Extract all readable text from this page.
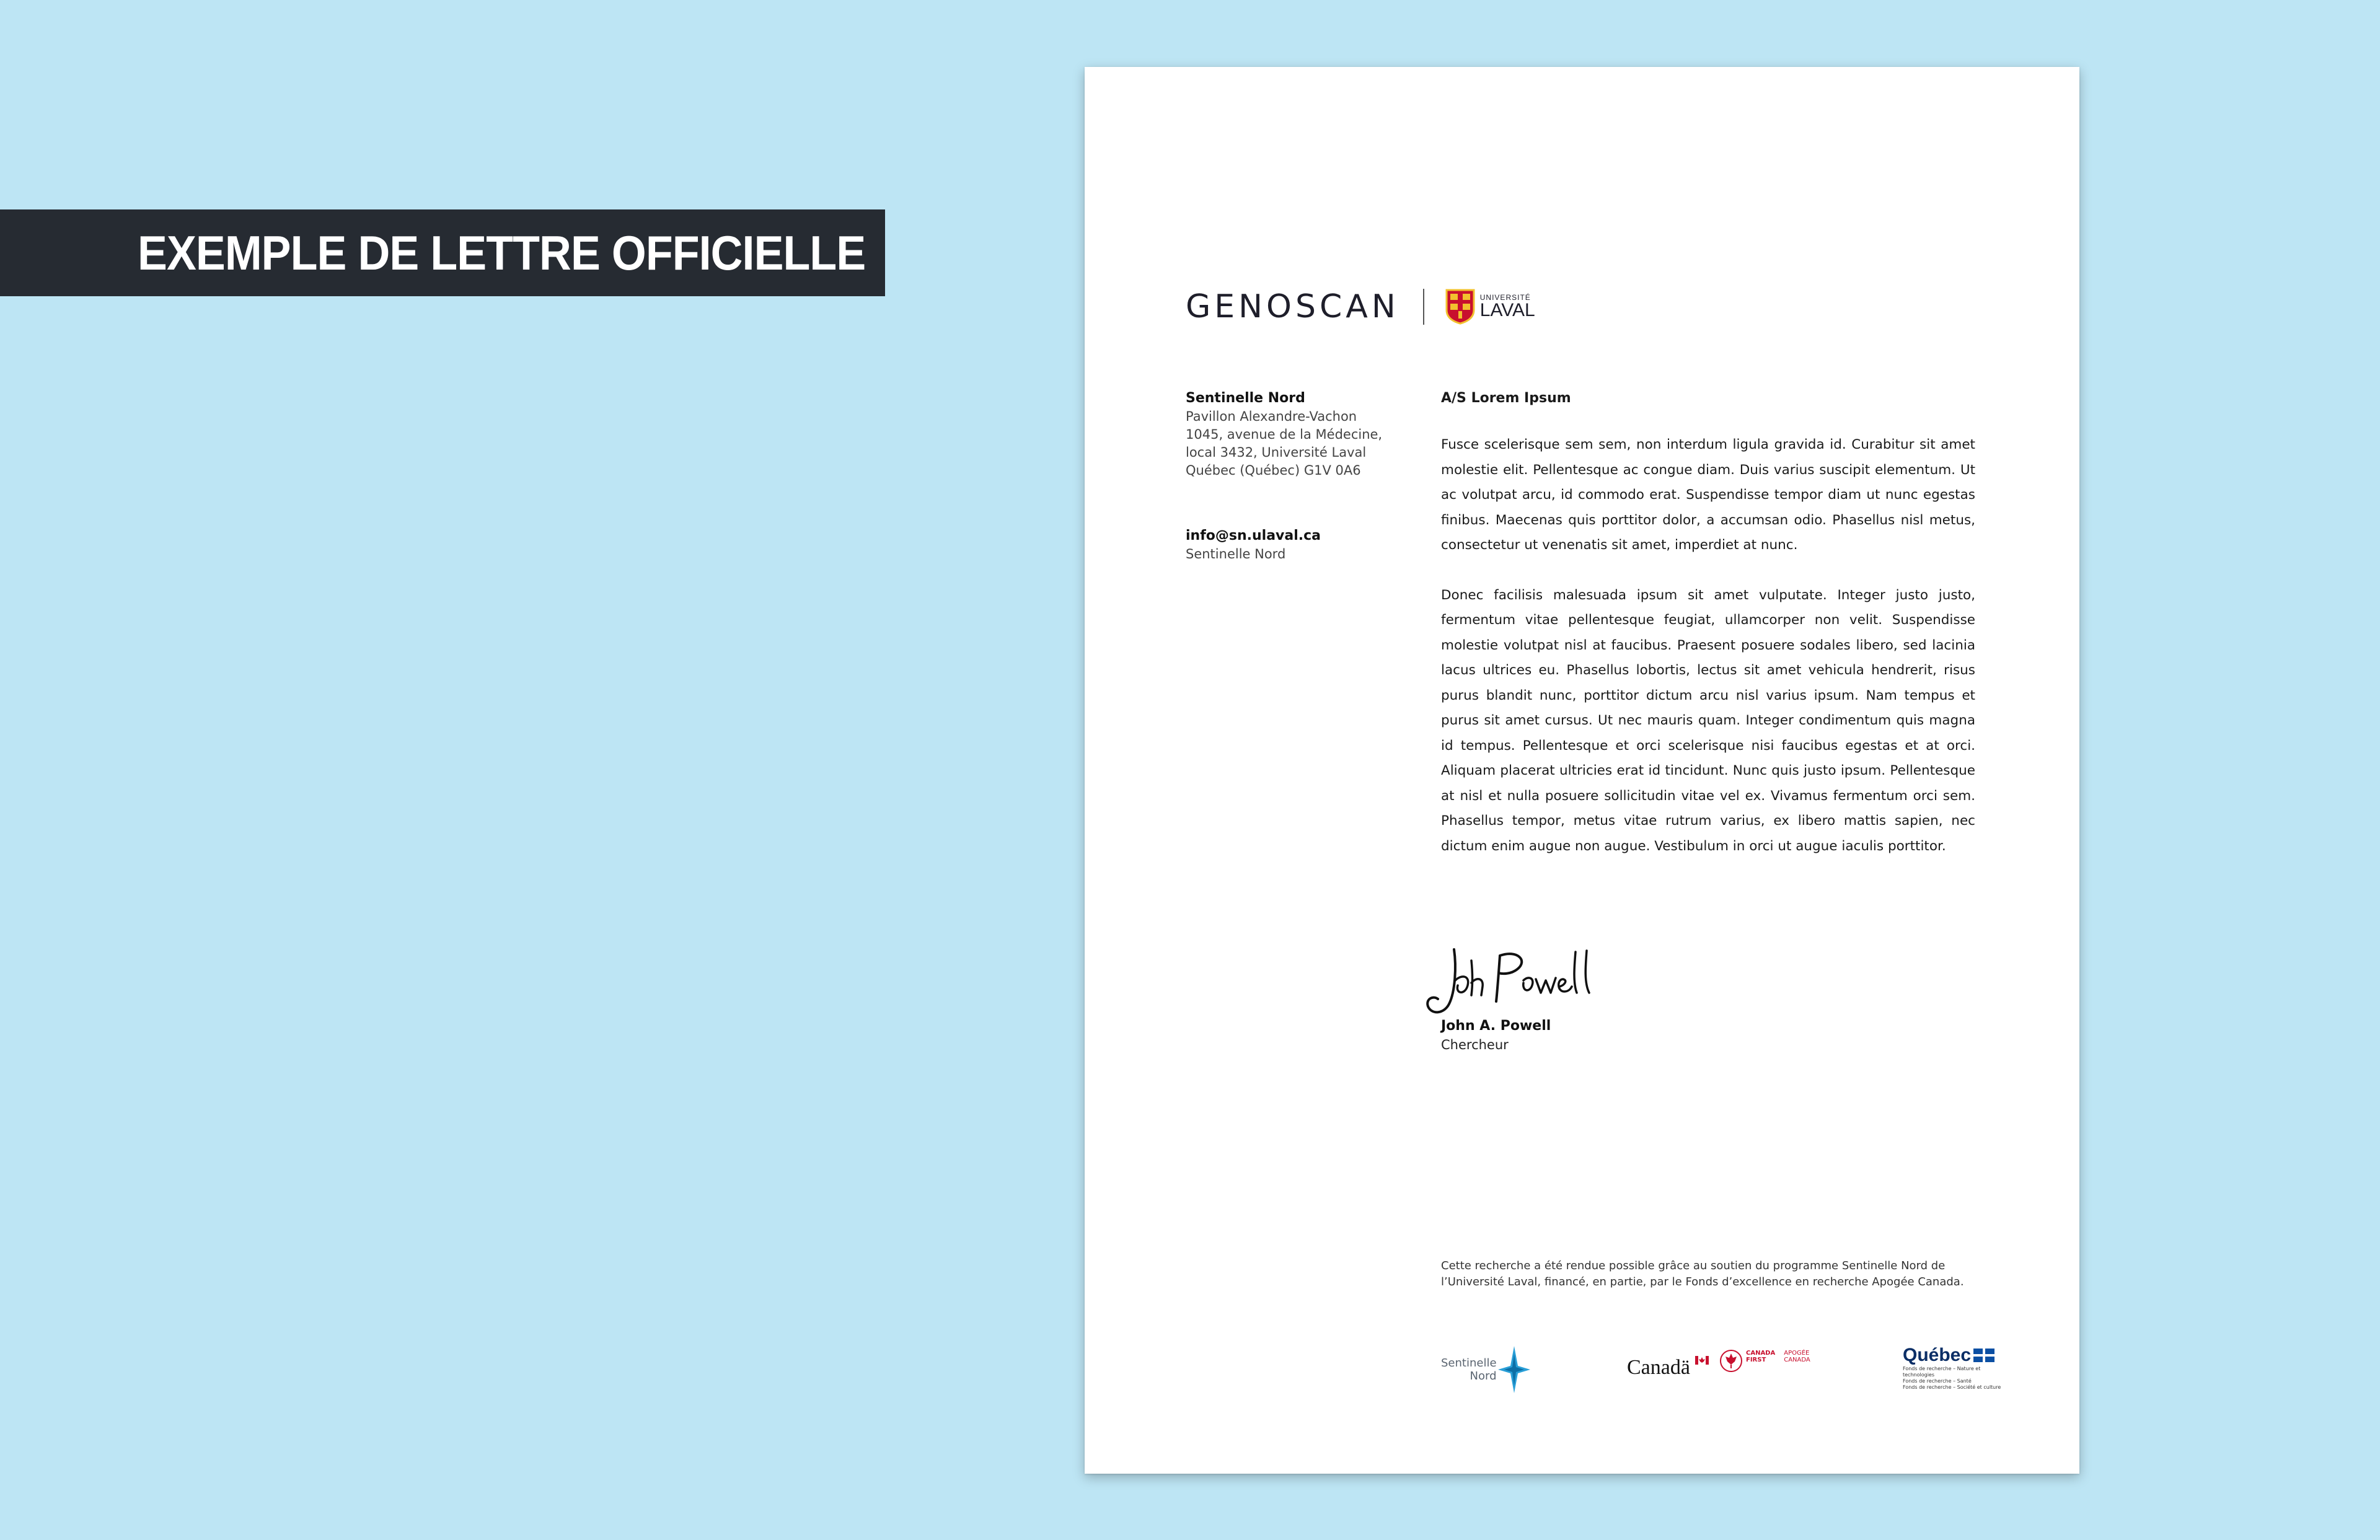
EXEMPLE DE LETTRE OFFICIELLE
GENOSCAN	UNIVERSITÉ
LAVAL
Sentinelle Nord
Pavillon Alexandre-Vachon
1045, avenue de la Médecine,
local 3432, Université Laval
Québec (Québec) G1V 0A6
info@sn.ulaval.ca
Sentinelle Nord
A/S Lorem Ipsum

Fusce scelerisque sem sem, non interdum ligula gravida id. Curabitur sit amet molestie elit. Pellentesque ac congue diam. Duis varius suscipit elementum. Ut ac volutpat arcu, id commodo erat. Suspendisse tempor diam ut nunc egestas finibus. Maecenas quis porttitor dolor, a accumsan odio. Phasellus nisl metus, consectetur ut venenatis sit amet, imperdiet at nunc.

Donec facilisis malesuada ipsum sit amet vulputate. Integer justo justo, fermentum vitae pellentesque feugiat, ullamcorper non velit. Suspendisse molestie volutpat nisl at faucibus. Praesent posuere sodales libero, sed lacinia lacus ultrices eu. Phasellus lobortis, lectus sit amet vehicula hendrerit, risus purus blandit nunc, porttitor dictum arcu nisl varius ipsum. Nam tempus et purus sit amet cursus. Ut nec mauris quam. Integer condimentum quis magna id tempus. Pellentesque et orci scelerisque nisi faucibus egestas et at orci. Aliquam placerat ultricies erat id tincidunt. Nunc quis justo ipsum. Pellentesque at nisl et nulla posuere sollicitudin vitae vel ex. Vivamus fermentum orci sem. Phasellus tempor, metus vitae rutrum varius, ex libero mattis sapien, nec dictum enim augue non augue. Vestibulum in orci ut augue iaculis porttitor.

John A. Powell
Chercheur
Cette recherche a été rendue possible grâce au soutien du programme Sentinelle Nord de l’Université Laval, financé, en partie, par le Fonds d’excellence en recherche Apogée Canada.
Sentinelle
Nord	Canadä
CANADA
FIRST
APOGÉE
CANADA	Québec
Fonds de recherche – Nature et technologies
Fonds de recherche – Santé
Fonds de recherche – Société et culture
